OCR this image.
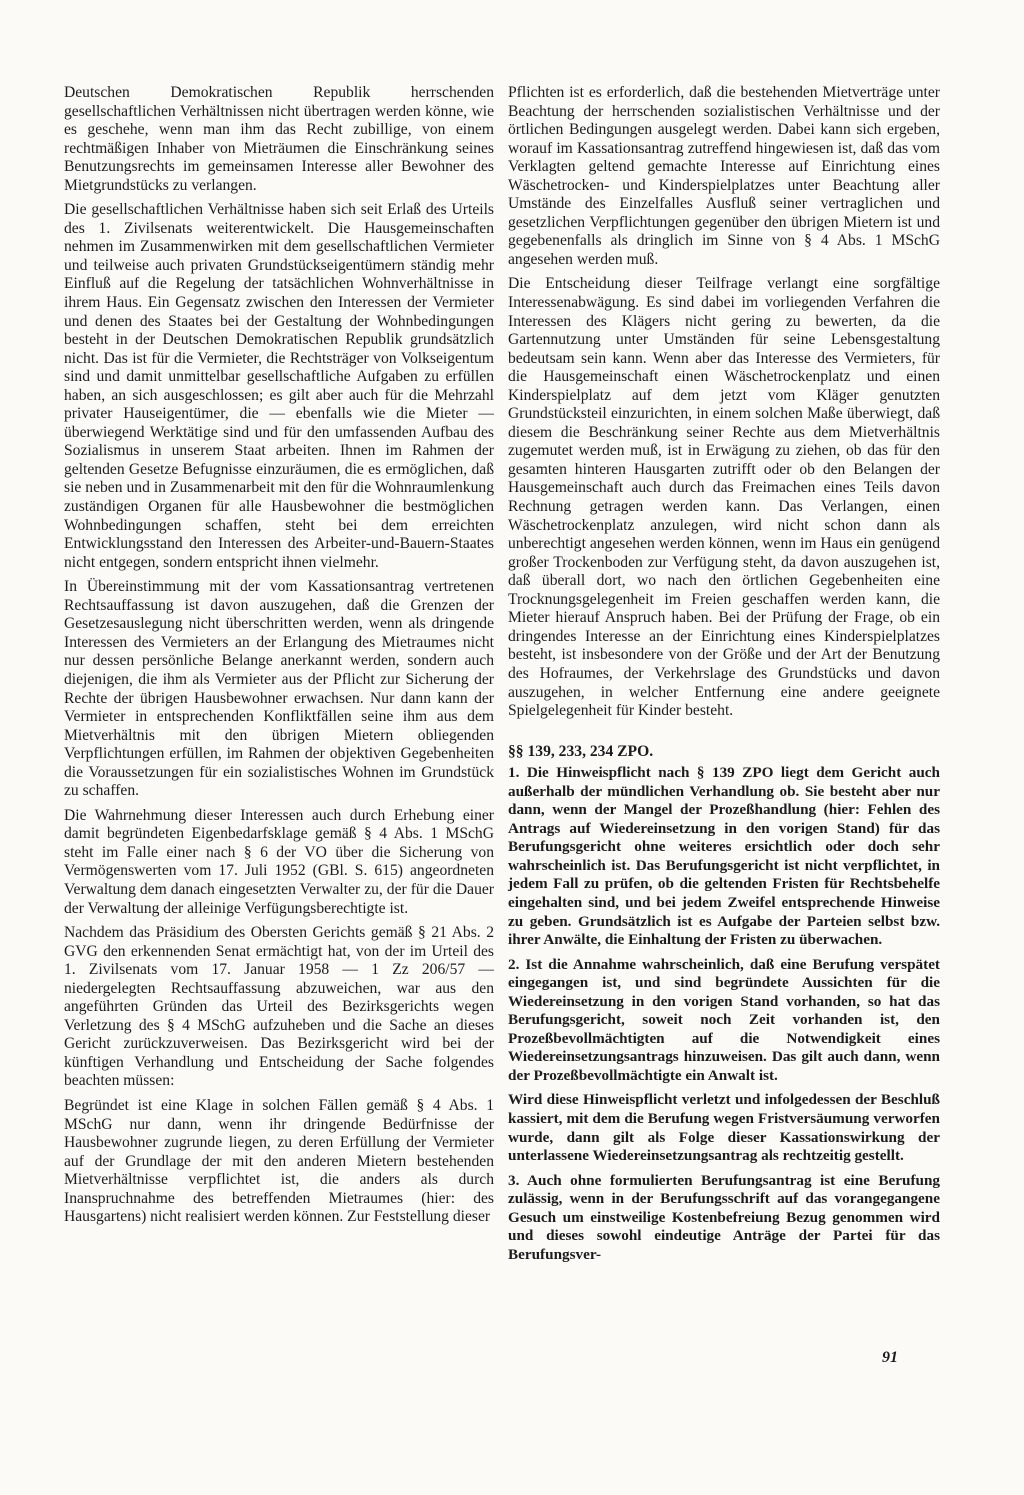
Deutschen Demokratischen Republik herrschenden gesellschaftlichen Verhältnissen nicht übertragen werden könne, wie es geschehe, wenn man ihm das Recht zubillige, von einem rechtmäßigen Inhaber von Mieträumen die Einschränkung seines Benutzungsrechts im gemeinsamen Interesse aller Bewohner des Mietgrundstücks zu verlangen.

Die gesellschaftlichen Verhältnisse haben sich seit Erlaß des Urteils des 1. Zivilsenats weiterentwickelt. Die Hausgemeinschaften nehmen im Zusammenwirken mit dem gesellschaftlichen Vermieter und teilweise auch privaten Grundstückseigentümern ständig mehr Einfluß auf die Regelung der tatsächlichen Wohnverhältnisse in ihrem Haus. Ein Gegensatz zwischen den Interessen der Vermieter und denen des Staates bei der Gestaltung der Wohnbedingungen besteht in der Deutschen Demokratischen Republik grundsätzlich nicht. Das ist für die Vermieter, die Rechtsträger von Volkseigentum sind und damit unmittelbar gesellschaftliche Aufgaben zu erfüllen haben, an sich ausgeschlossen; es gilt aber auch für die Mehrzahl privater Hauseigentümer, die — ebenfalls wie die Mieter — überwiegend Werktätige sind und für den umfassenden Aufbau des Sozialismus in unserem Staat arbeiten. Ihnen im Rahmen der geltenden Gesetze Befugnisse einzuräumen, die es ermöglichen, daß sie neben und in Zusammenarbeit mit den für die Wohnraumlenkung zuständigen Organen für alle Hausbewohner die bestmöglichen Wohnbedingungen schaffen, steht bei dem erreichten Entwicklungsstand den Interessen des Arbeiter-und-Bauern-Staates nicht entgegen, sondern entspricht ihnen vielmehr.

In Übereinstimmung mit der vom Kassationsantrag vertretenen Rechtsauffassung ist davon auszugehen, daß die Grenzen der Gesetzesauslegung nicht überschritten werden, wenn als dringende Interessen des Vermieters an der Erlangung des Mietraumes nicht nur dessen persönliche Belange anerkannt werden, sondern auch diejenigen, die ihm als Vermieter aus der Pflicht zur Sicherung der Rechte der übrigen Hausbewohner erwachsen. Nur dann kann der Vermieter in entsprechenden Konfliktfällen seine ihm aus dem Mietverhältnis mit den übrigen Mietern obliegenden Verpflichtungen erfüllen, im Rahmen der objektiven Gegebenheiten die Voraussetzungen für ein sozialistisches Wohnen im Grundstück zu schaffen.

Die Wahrnehmung dieser Interessen auch durch Erhebung einer damit begründeten Eigenbedarfsklage gemäß § 4 Abs. 1 MSchG steht im Falle einer nach § 6 der VO über die Sicherung von Vermögenswerten vom 17. Juli 1952 (GBl. S. 615) angeordneten Verwaltung dem danach eingesetzten Verwalter zu, der für die Dauer der Verwaltung der alleinige Verfügungsberechtigte ist.

Nachdem das Präsidium des Obersten Gerichts gemäß § 21 Abs. 2 GVG den erkennenden Senat ermächtigt hat, von der im Urteil des 1. Zivilsenats vom 17. Januar 1958 — 1 Zz 206/57 — niedergelegten Rechtsauffassung abzuweichen, war aus den angeführten Gründen das Urteil des Bezirksgerichts wegen Verletzung des § 4 MSchG aufzuheben und die Sache an dieses Gericht zurückzuverweisen. Das Bezirksgericht wird bei der künftigen Verhandlung und Entscheidung der Sache folgendes beachten müssen:

Begründet ist eine Klage in solchen Fällen gemäß § 4 Abs. 1 MSchG nur dann, wenn ihr dringende Bedürfnisse der Hausbewohner zugrunde liegen, zu deren Erfüllung der Vermieter auf der Grundlage der mit den anderen Mietern bestehenden Mietverhältnisse verpflichtet ist, die anders als durch Inanspruchnahme des betreffenden Mietraumes (hier: des Hausgartens) nicht realisiert werden können. Zur Feststellung dieser

Pflichten ist es erforderlich, daß die bestehenden Mietverträge unter Beachtung der herrschenden sozialistischen Verhältnisse und der örtlichen Bedingungen ausgelegt werden. Dabei kann sich ergeben, worauf im Kassationsantrag zutreffend hingewiesen ist, daß das vom Verklagten geltend gemachte Interesse auf Einrichtung eines Wäschetrocken- und Kinderspielplatzes unter Beachtung aller Umstände des Einzelfalles Ausfluß seiner vertraglichen und gesetzlichen Verpflichtungen gegenüber den übrigen Mietern ist und gegebenenfalls als dringlich im Sinne von § 4 Abs. 1 MSchG angesehen werden muß.

Die Entscheidung dieser Teilfrage verlangt eine sorgfältige Interessenabwägung. Es sind dabei im vorliegenden Verfahren die Interessen des Klägers nicht gering zu bewerten, da die Gartennutzung unter Umständen für seine Lebensgestaltung bedeutsam sein kann. Wenn aber das Interesse des Vermieters, für die Hausgemeinschaft einen Wäschetrockenplatz und einen Kinderspielplatz auf dem jetzt vom Kläger genutzten Grundstücksteil einzurichten, in einem solchen Maße überwiegt, daß diesem die Beschränkung seiner Rechte aus dem Mietverhältnis zugemutet werden muß, ist in Erwägung zu ziehen, ob das für den gesamten hinteren Hausgarten zutrifft oder ob den Belangen der Hausgemeinschaft auch durch das Freimachen eines Teils davon Rechnung getragen werden kann. Das Verlangen, einen Wäschetrockenplatz anzulegen, wird nicht schon dann als unberechtigt angesehen werden können, wenn im Haus ein genügend großer Trockenboden zur Verfügung steht, da davon auszugehen ist, daß überall dort, wo nach den örtlichen Gegebenheiten eine Trocknungsgelegenheit im Freien geschaffen werden kann, die Mieter hierauf Anspruch haben. Bei der Prüfung der Frage, ob ein dringendes Interesse an der Einrichtung eines Kinderspielplatzes besteht, ist insbesondere von der Größe und der Art der Benutzung des Hofraumes, der Verkehrslage des Grundstücks und davon auszugehen, in welcher Entfernung eine andere geeignete Spielgelegenheit für Kinder besteht.

§§ 139, 233, 234 ZPO.

1. Die Hinweispflicht nach § 139 ZPO liegt dem Gericht auch außerhalb der mündlichen Verhandlung ob. Sie besteht aber nur dann, wenn der Mangel der Prozeßhandlung (hier: Fehlen des Antrags auf Wiedereinsetzung in den vorigen Stand) für das Berufungsgericht ohne weiteres ersichtlich oder doch sehr wahrscheinlich ist. Das Berufungsgericht ist nicht verpflichtet, in jedem Fall zu prüfen, ob die geltenden Fristen für Rechtsbehelfe eingehalten sind, und bei jedem Zweifel entsprechende Hinweise zu geben. Grundsätzlich ist es Aufgabe der Parteien selbst bzw. ihrer Anwälte, die Einhaltung der Fristen zu überwachen.

2. Ist die Annahme wahrscheinlich, daß eine Berufung verspätet eingegangen ist, und sind begründete Aussichten für die Wiedereinsetzung in den vorigen Stand vorhanden, so hat das Berufungsgericht, soweit noch Zeit vorhanden ist, den Prozeßbevollmächtigten auf die Notwendigkeit eines Wiedereinsetzungsantrags hinzuweisen. Das gilt auch dann, wenn der Prozeßbevollmächtigte ein Anwalt ist.

Wird diese Hinweispflicht verletzt und infolgedessen der Beschluß kassiert, mit dem die Berufung wegen Fristversäumung verworfen wurde, dann gilt als Folge dieser Kassationswirkung der unterlassene Wiedereinsetzungsantrag als rechtzeitig gestellt.

3. Auch ohne formulierten Berufungsantrag ist eine Berufung zulässig, wenn in der Berufungsschrift auf das vorangegangene Gesuch um einstweilige Kostenbefreiung Bezug genommen wird und dieses sowohl eindeutige Anträge der Partei für das Berufungsver-

91
